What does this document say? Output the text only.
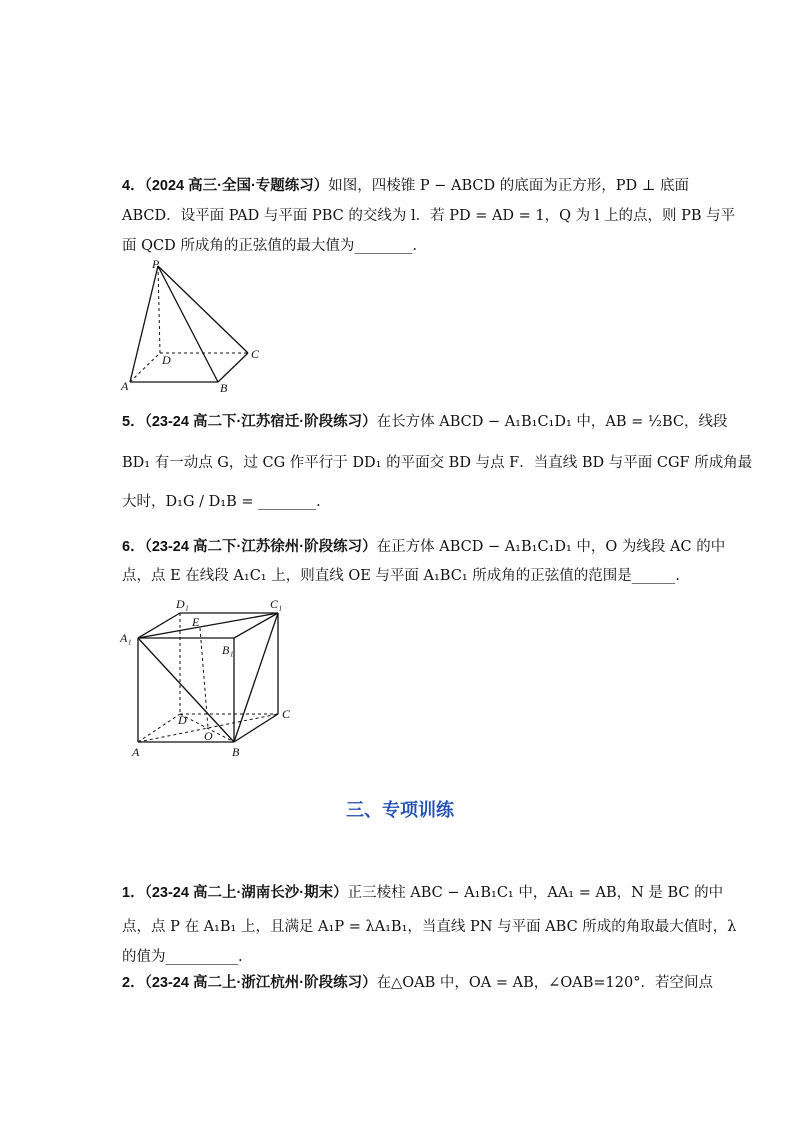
4．（2024 高三·全国·专题练习）如图，四棱锥 P − ABCD 的底面为正方形，PD ⊥ 底面
ABCD．设平面 PAD 与平面 PBC 的交线为 l．若 PD = AD = 1，Q 为 l 上的点，则 PB 与平
面 QCD 所成角的正弦值的最大值为________.
P
D	C
A	B
5．（23-24 高二下·江苏宿迁·阶段练习）在长方体 ABCD − A₁B₁C₁D₁ 中，AB = ½BC，线段
BD₁ 有一动点 G，过 CG 作平行于 DD₁ 的平面交 BD 与点 F．当直线 BD 与平面 CGF 所成角最
大时，D₁G / D₁B = ________.
6．（23-24 高二下·江苏徐州·阶段练习）在正方体 ABCD − A₁B₁C₁D₁ 中，O 为线段 AC 的中
点，点 E 在线段 A₁C₁ 上，则直线 OE 与平面 A₁BC₁ 所成角的正弦值的范围是______.
D₁	C₁
A₁
E
B₁
D	C
O
A	B
三、专项训练
1．（23-24 高二上·湖南长沙·期末）正三棱柱 ABC − A₁B₁C₁ 中，AA₁ = AB，N 是 BC 的中
点，点 P 在 A₁B₁ 上，且满足 A₁P = λA₁B₁，当直线 PN 与平面 ABC 所成的角取最大值时，λ
的值为__________.
2．（23-24 高二上·浙江杭州·阶段练习）在△OAB 中，OA = AB，∠OAB=120°．若空间点
